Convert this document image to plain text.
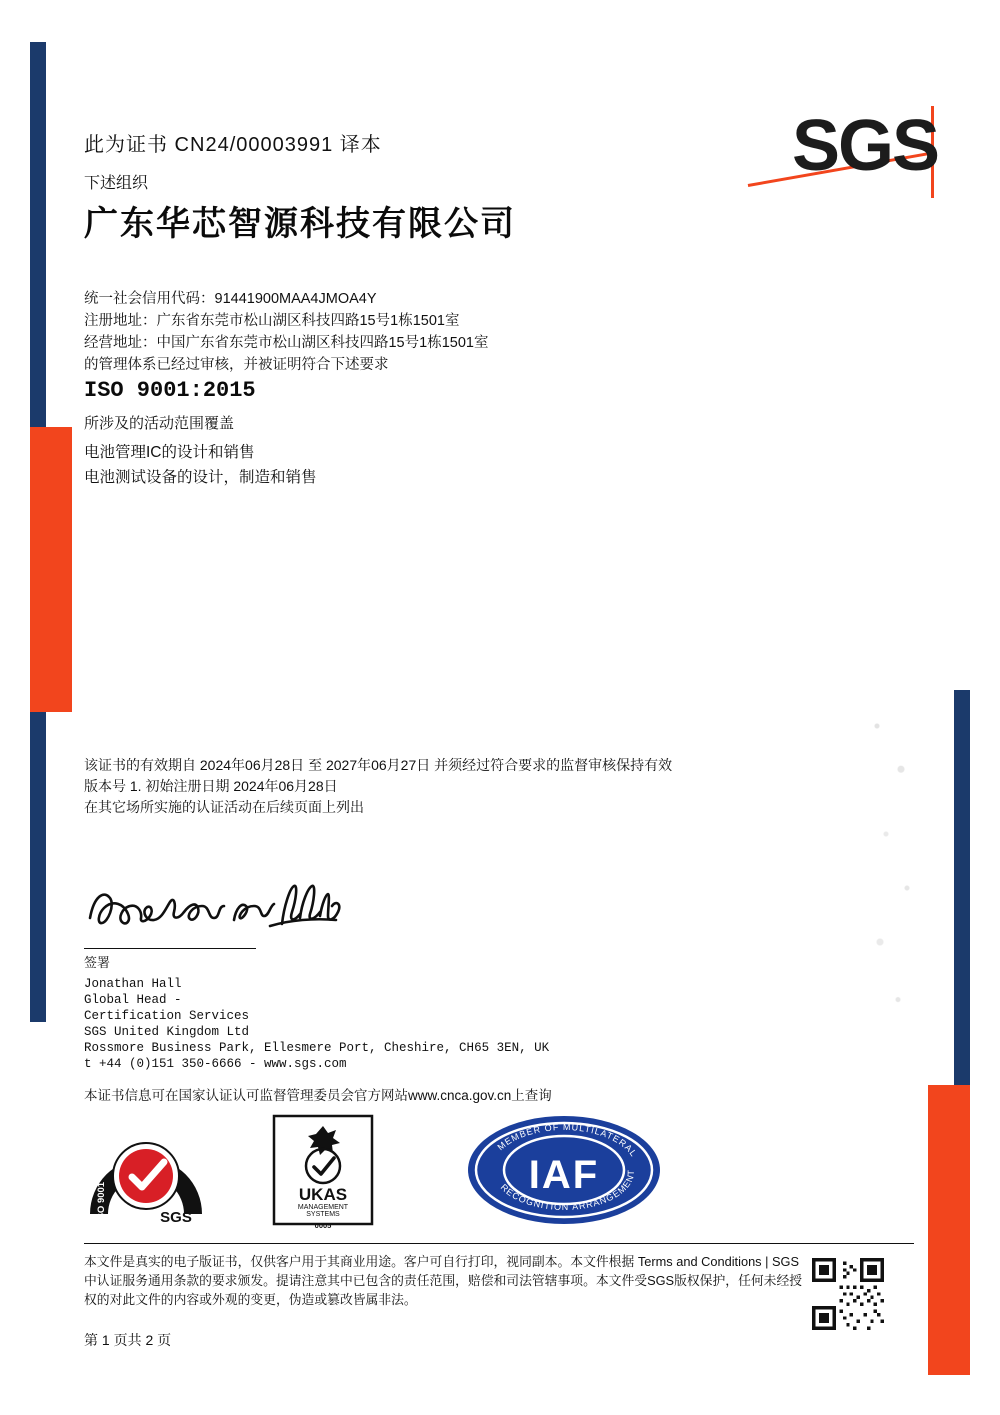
SGS
此为证书 CN24/00003991 译本
下述组织
广东华芯智源科技有限公司
统一社会信用代码：91441900MAA4JMOA4Y
注册地址：广东省东莞市松山湖区科技四路15号1栋1501室
经营地址：中国广东省东莞市松山湖区科技四路15号1栋1501室
的管理体系已经过审核，并被证明符合下述要求
ISO 9001:2015
所涉及的活动范围覆盖
电池管理IC的设计和销售
电池测试设备的设计，制造和销售
该证书的有效期自 2024年06月28日 至 2027年06月27日 并须经过符合要求的监督审核保持有效
版本号 1. 初始注册日期 2024年06月28日
在其它场所实施的认证活动在后续页面上列出
签署
Jonathan Hall
Global Head -
Certification Services
SGS United Kingdom Ltd
Rossmore Business Park, Ellesmere Port, Cheshire, CH65 3EN, UK
t +44 (0)151 350-6666 - www.sgs.com
本证书信息可在国家认证认可监督管理委员会官方网站www.cnca.gov.cn上查询
SYSTEM CERTIFICATION
ISO 9001	SGS
UKAS
MANAGEMENT
SYSTEMS
0005
IAF
MEMBER OF MULTILATERAL
RECOGNITION ARRANGEMENT
本文件是真实的电子版证书，仅供客户用于其商业用途。客户可自行打印，视同副本。本文件根据 Terms and Conditions | SGS 中认证服务通用条款的要求颁发。提请注意其中已包含的责任范围，赔偿和司法管辖事项。本文件受SGS版权保护，任何未经授权的对此文件的内容或外观的变更，伪造或篡改皆属非法。
第 1 页共 2 页
